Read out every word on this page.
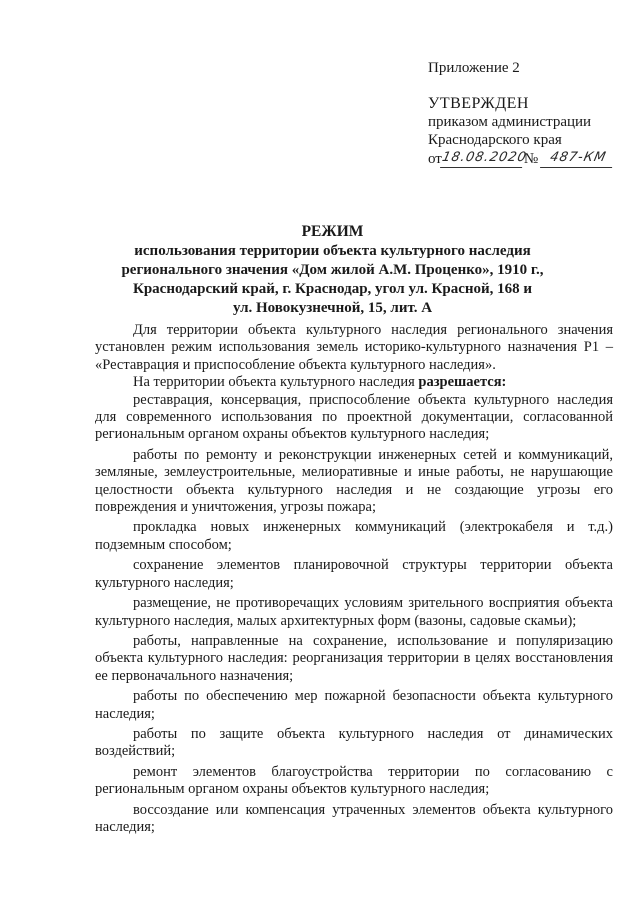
Приложение 2
УТВЕРЖДЕН
приказом администрации
Краснодарского края
от
18.08.2020
№ 487-КМ
РЕЖИМ
использования территории объекта культурного наследия
регионального значения «Дом жилой А.М. Проценко», 1910 г.,
Краснодарский край, г. Краснодар, угол ул. Красной, 168 и
ул. Новокузнечной, 15, лит. А

Для территории объекта культурного наследия регионального значения установлен режим использования земель историко-культурного назначения Р1 – «Реставрация и приспособление объекта культурного наследия».

На территории объекта культурного наследия разрешается:

реставрация, консервация, приспособление объекта культурного наследия для современного использования по проектной документации, согласованной региональным органом охраны объектов культурного наследия;

работы по ремонту и реконструкции инженерных сетей и коммуникаций, земляные, землеустроительные, мелиоративные и иные работы, не нарушающие целостности объекта культурного наследия и не создающие угрозы его повреждения и уничтожения, угрозы пожара;

прокладка новых инженерных коммуникаций (электрокабеля и т.д.) подземным способом;

сохранение элементов планировочной структуры территории объекта культурного наследия;

размещение, не противоречащих условиям зрительного восприятия объекта культурного наследия, малых архитектурных форм (вазоны, садовые скамьи);

работы, направленные на сохранение, использование и популяризацию объекта культурного наследия: реорганизация территории в целях восстановления ее первоначального назначения;

работы по обеспечению мер пожарной безопасности объекта культурного наследия;

работы по защите объекта культурного наследия от динамических воздействий;

ремонт элементов благоустройства территории по согласованию с региональным органом охраны объектов культурного наследия;

воссоздание или компенсация утраченных элементов объекта культурного наследия;
